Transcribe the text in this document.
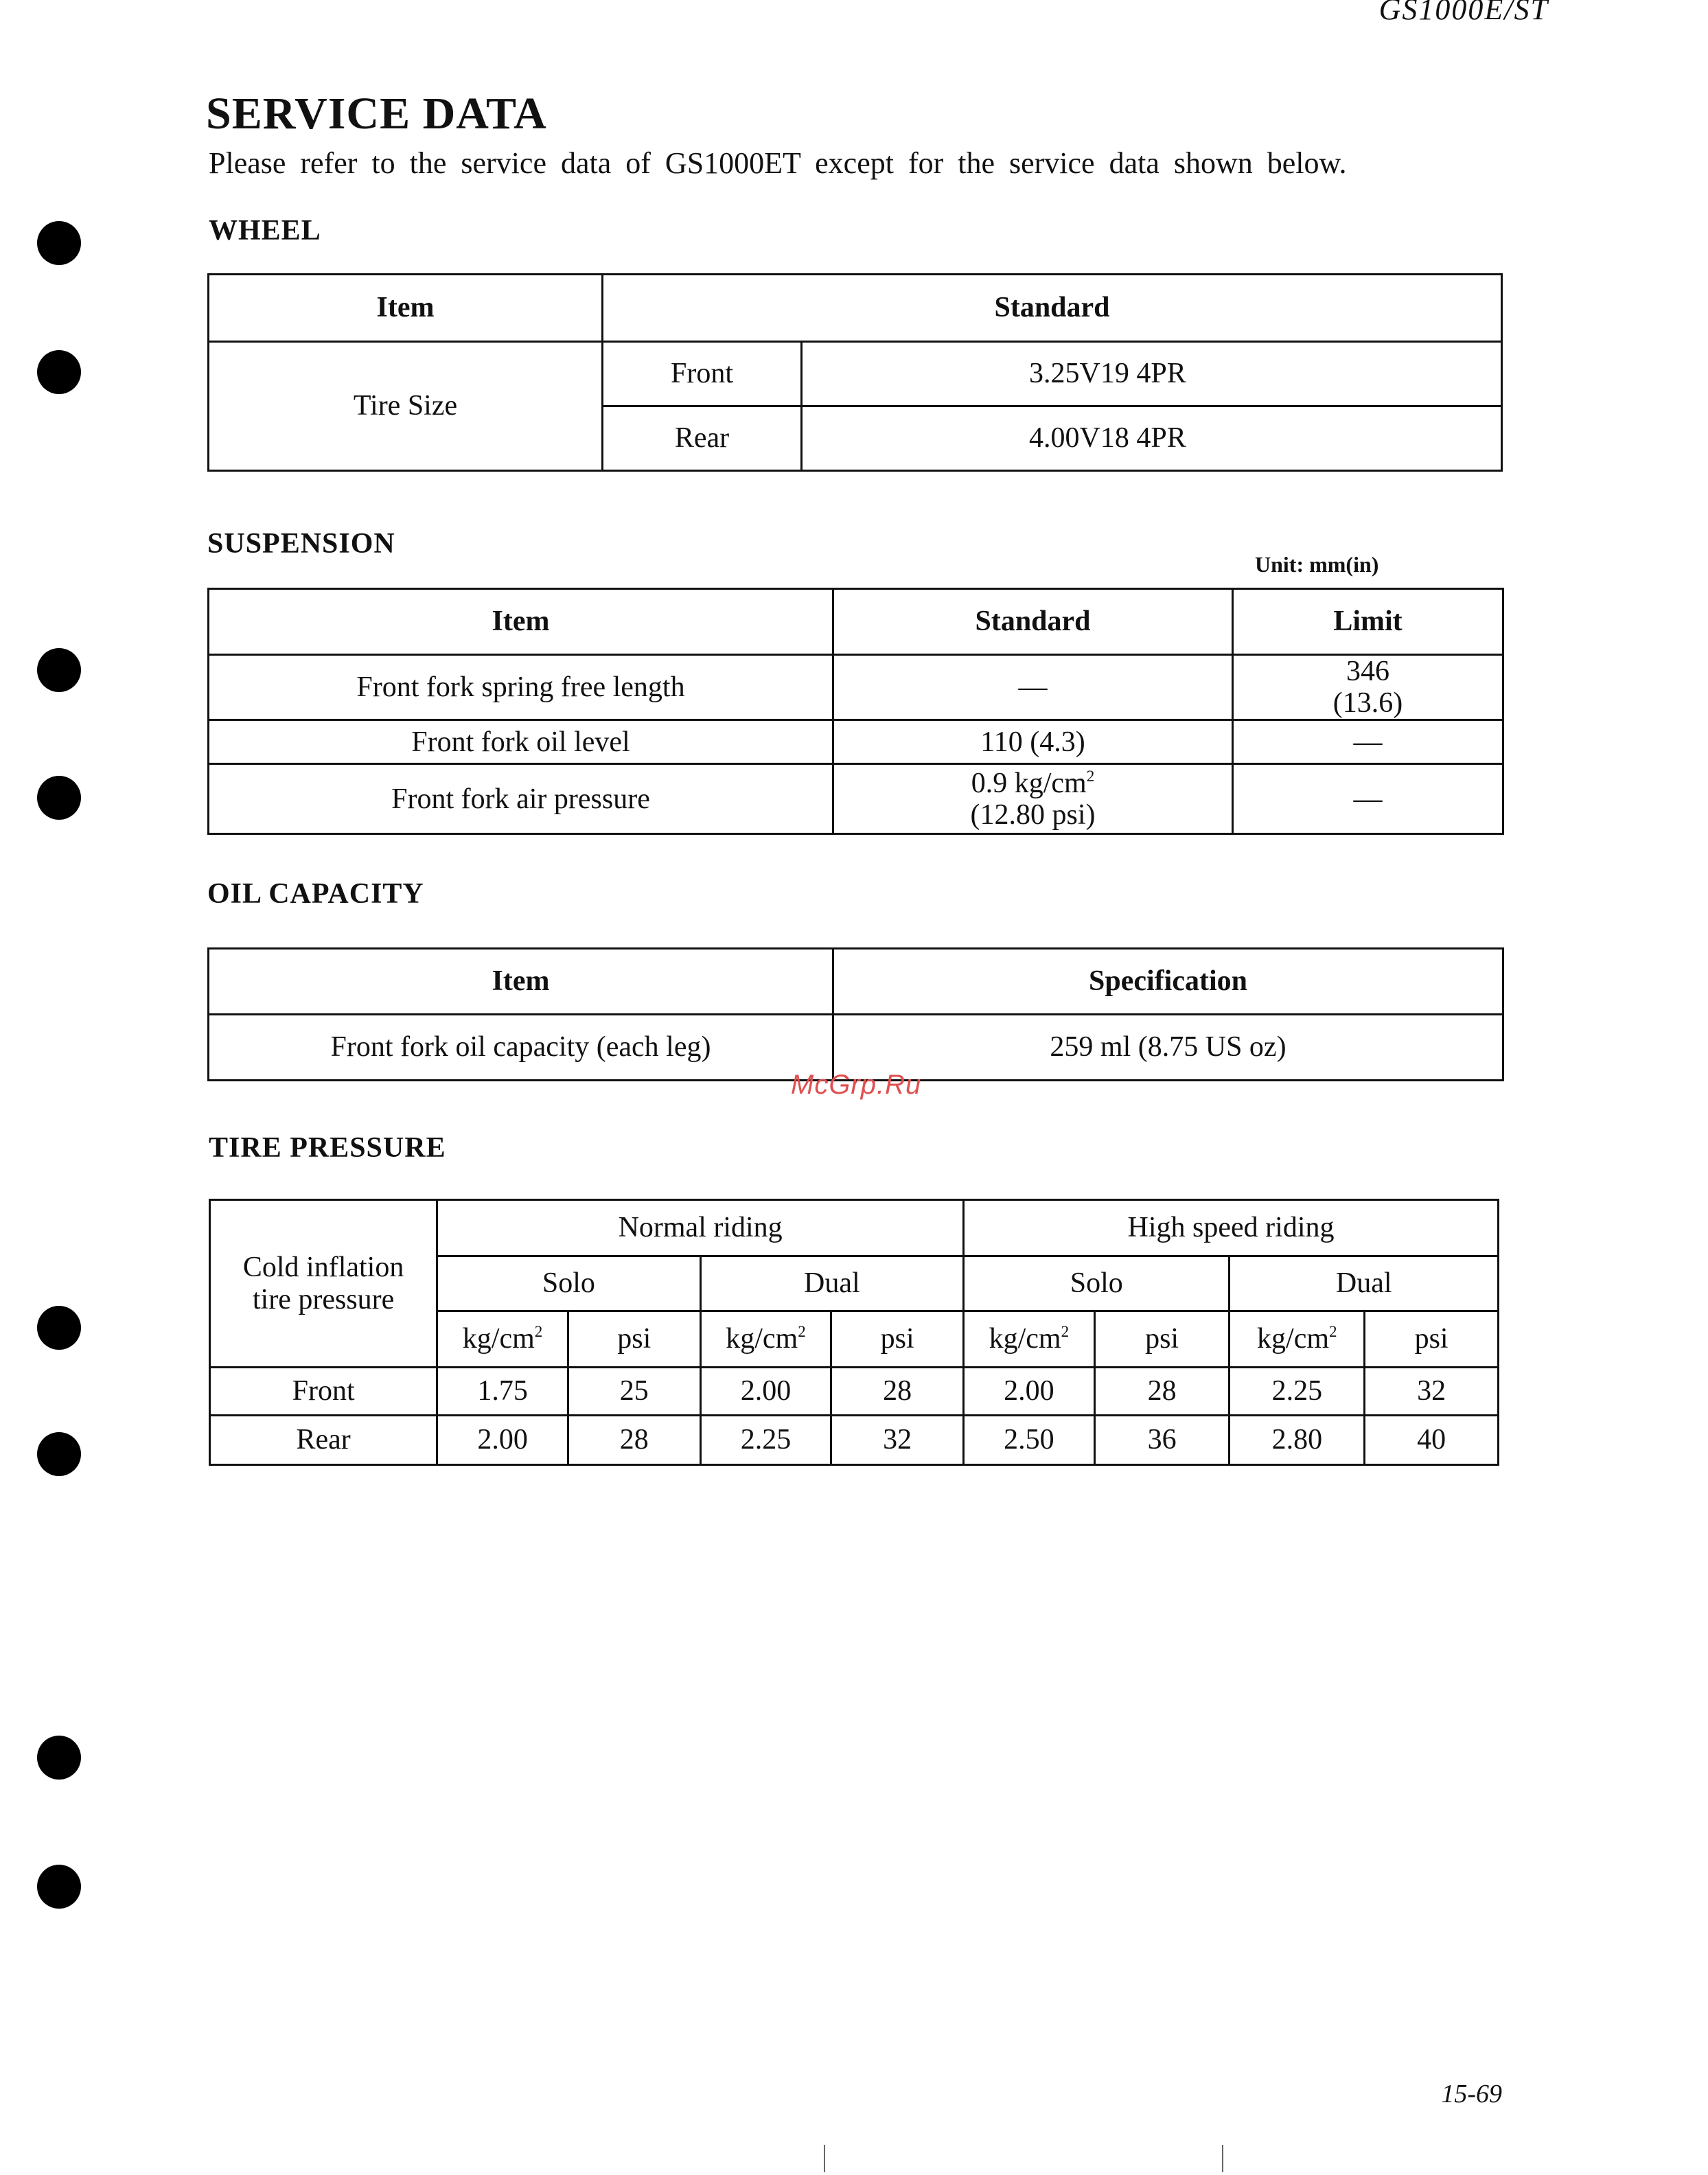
GS1000E/ST
SERVICE DATA
Please refer to the service data of GS1000ET except for the service data shown below.
WHEEL
Item	Standard	
Tire Size	Front	3.25V19 4PR
	Rear	4.00V18 4PR
SUSPENSION
Unit: mm(in)
Item	Standard	Limit
Front fork spring free length	—	346
(13.6)

Front fork oil level	110 (4.3)	—
Front fork air pressure	0.9 $kg/cm^2$
(12.80 psi)	—
OIL CAPACITY
Item	Specification
Front fork oil capacity (each leg)	259 ml (8.75 US oz)
McGrp.Ru
TIRE PRESSURE
Cold inflation
tire pressure	Normal riding				High speed riding			
	Solo		Dual		Solo		Dual	
	$kg/cm^2$	psi	$kg/cm^2$	psi	$kg/cm^2$	psi	$kg/cm^2$	psi
Front	1.75	25	2.00	28	2.00	28	2.25	32
Rear	2.00	28	2.25	32	2.50	36	2.80	40
15-69
